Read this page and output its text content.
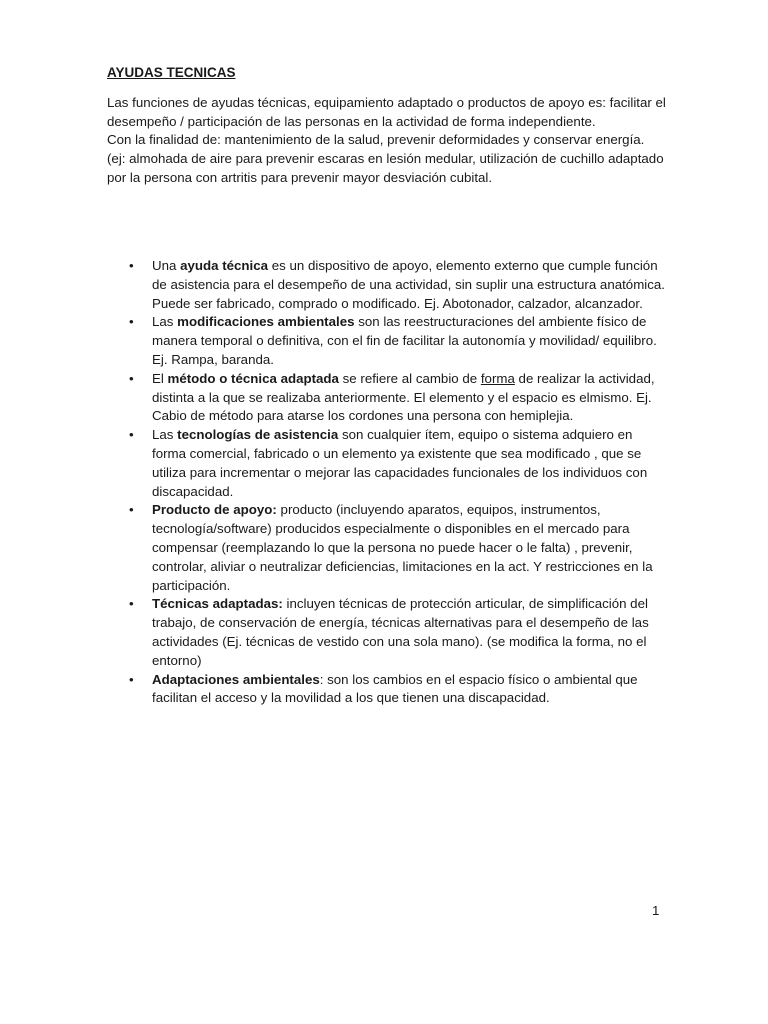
AYUDAS TECNICAS

Las funciones de ayudas técnicas, equipamiento adaptado o productos de apoyo es: facilitar el desempeño / participación de las personas en la actividad de forma independiente.

Con la finalidad de: mantenimiento de la salud, prevenir deformidades y conservar energía.

(ej: almohada de aire para prevenir escaras en lesión medular, utilización de cuchillo adaptado por la persona con artritis para prevenir mayor desviación cubital.

• Una ayuda técnica es un dispositivo de apoyo, elemento externo que cumple función de asistencia para el desempeño de una actividad, sin suplir una estructura anatómica. Puede ser fabricado, comprado o modificado. Ej. Abotonador, calzador, alcanzador.
• Las modificaciones ambientales son las reestructuraciones del ambiente físico de manera temporal o definitiva, con el fin de facilitar la autonomía y movilidad/ equilibro. Ej. Rampa, baranda.
• El método o técnica adaptada se refiere al cambio de forma de realizar la actividad, distinta a la que se realizaba anteriormente. El elemento y el espacio es elmismo. Ej. Cabio de método para atarse los cordones una persona con hemiplejia.
• Las tecnologías de asistencia son cualquier ítem, equipo o sistema adquiero en forma comercial, fabricado o un elemento ya existente que sea modificado , que se utiliza para incrementar o mejorar las capacidades funcionales de los individuos con discapacidad.
• Producto de apoyo: producto (incluyendo aparatos, equipos, instrumentos, tecnología/software) producidos especialmente o disponibles en el mercado para compensar (reemplazando lo que la persona no puede hacer o le falta) , prevenir, controlar, aliviar o neutralizar deficiencias, limitaciones en la act. Y restricciones en la participación.
• Técnicas adaptadas: incluyen técnicas de protección articular, de simplificación del trabajo, de conservación de energía, técnicas alternativas para el desempeño de las actividades (Ej. técnicas de vestido con una sola mano). (se modifica la forma, no el entorno)
• Adaptaciones ambientales: son los cambios en el espacio físico o ambiental que facilitan el acceso y la movilidad a los que tienen una discapacidad.
1
